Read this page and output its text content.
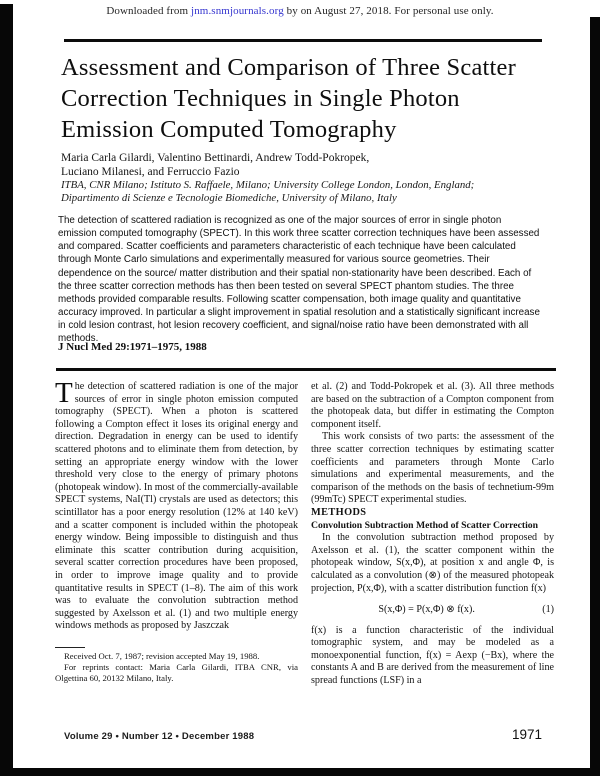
Downloaded from jnm.snmjournals.org by on August 27, 2018. For personal use only.
Assessment and Comparison of Three Scatter Correction Techniques in Single Photon Emission Computed Tomography
Maria Carla Gilardi, Valentino Bettinardi, Andrew Todd-Pokropek,
Luciano Milanesi, and Ferruccio Fazio
ITBA, CNR Milano; Istituto S. Raffaele, Milano; University College London, London, England; Dipartimento di Scienze e Tecnologie Biomediche, University of Milano, Italy
The detection of scattered radiation is recognized as one of the major sources of error in single photon emission computed tomography (SPECT). In this work three scatter correction techniques have been assessed and compared. Scatter coefficients and parameters characteristic of each technique have been calculated through Monte Carlo simulations and experimentally measured for various source geometries. Their dependence on the source/ matter distribution and their spatial non-stationarity have been described. Each of the three scatter correction methods has then been tested on several SPECT phantom studies. The three methods provided comparable results. Following scatter compensation, both image quality and quantitative accuracy improved. In particular a slight improvement in spatial resolution and a statistically significant increase in cold lesion contrast, hot lesion recovery coefficient, and signal/noise ratio have been demonstrated with all methods.
J Nucl Med 29:1971–1975, 1988

The detection of scattered radiation is one of the major sources of error in single photon emission computed tomography (SPECT). When a photon is scattered following a Compton effect it loses its original energy and direction. Degradation in energy can be used to identify scattered photons and to eliminate them from detection, by setting an appropriate energy window with the lower threshold very close to the energy of primary photons (photopeak window). In most of the commercially-available SPECT systems, NaI(Tl) crystals are used as detectors; this scintillator has a poor energy resolution (12% at 140 keV) and a scatter component is included within the photopeak energy window. Being impossible to distinguish and thus eliminate this scatter contribution during acquisition, several scatter correction procedures have been proposed, in order to improve image quality and to provide quantitative results in SPECT (1–8). The aim of this work was to evaluate the convolution subtraction method suggested by Axelsson et al. (1) and two multiple energy windows methods as proposed by Jaszczak

Received Oct. 7, 1987; revision accepted May 19, 1988.

For reprints contact: Maria Carla Gilardi, ITBA CNR, via Olgettina 60, 20132 Milano, Italy.

et al. (2) and Todd-Pokropek et al. (3). All three methods are based on the subtraction of a Compton component from the photopeak data, but differ in estimating the Compton component itself.

This work consists of two parts: the assessment of the three scatter correction techniques by estimating scatter coefficients and parameters through Monte Carlo simulations and experimental measurements, and the comparison of the methods on the basis of technetium-99m (99mTc) SPECT experimental studies.

METHODS

Convolution Subtraction Method of Scatter Correction

In the convolution subtraction method proposed by Axelsson et al. (1), the scatter component within the photopeak window, S(x,Φ), at position x and angle Φ, is calculated as a convolution (⊗) of the measured photopeak projection, P(x,Φ), with a scatter distribution function f(x)

S(x,Φ) = P(x,Φ) ⊗ f(x).	(1)

f(x) is a function characteristic of the individual tomographic system, and may be modeled as a monoexponential function, f(x) = Aexp (−Bx), where the constants A and B are derived from the measurement of line spread functions (LSF) in a

Volume 29 • Number 12 • December 1988	1971
